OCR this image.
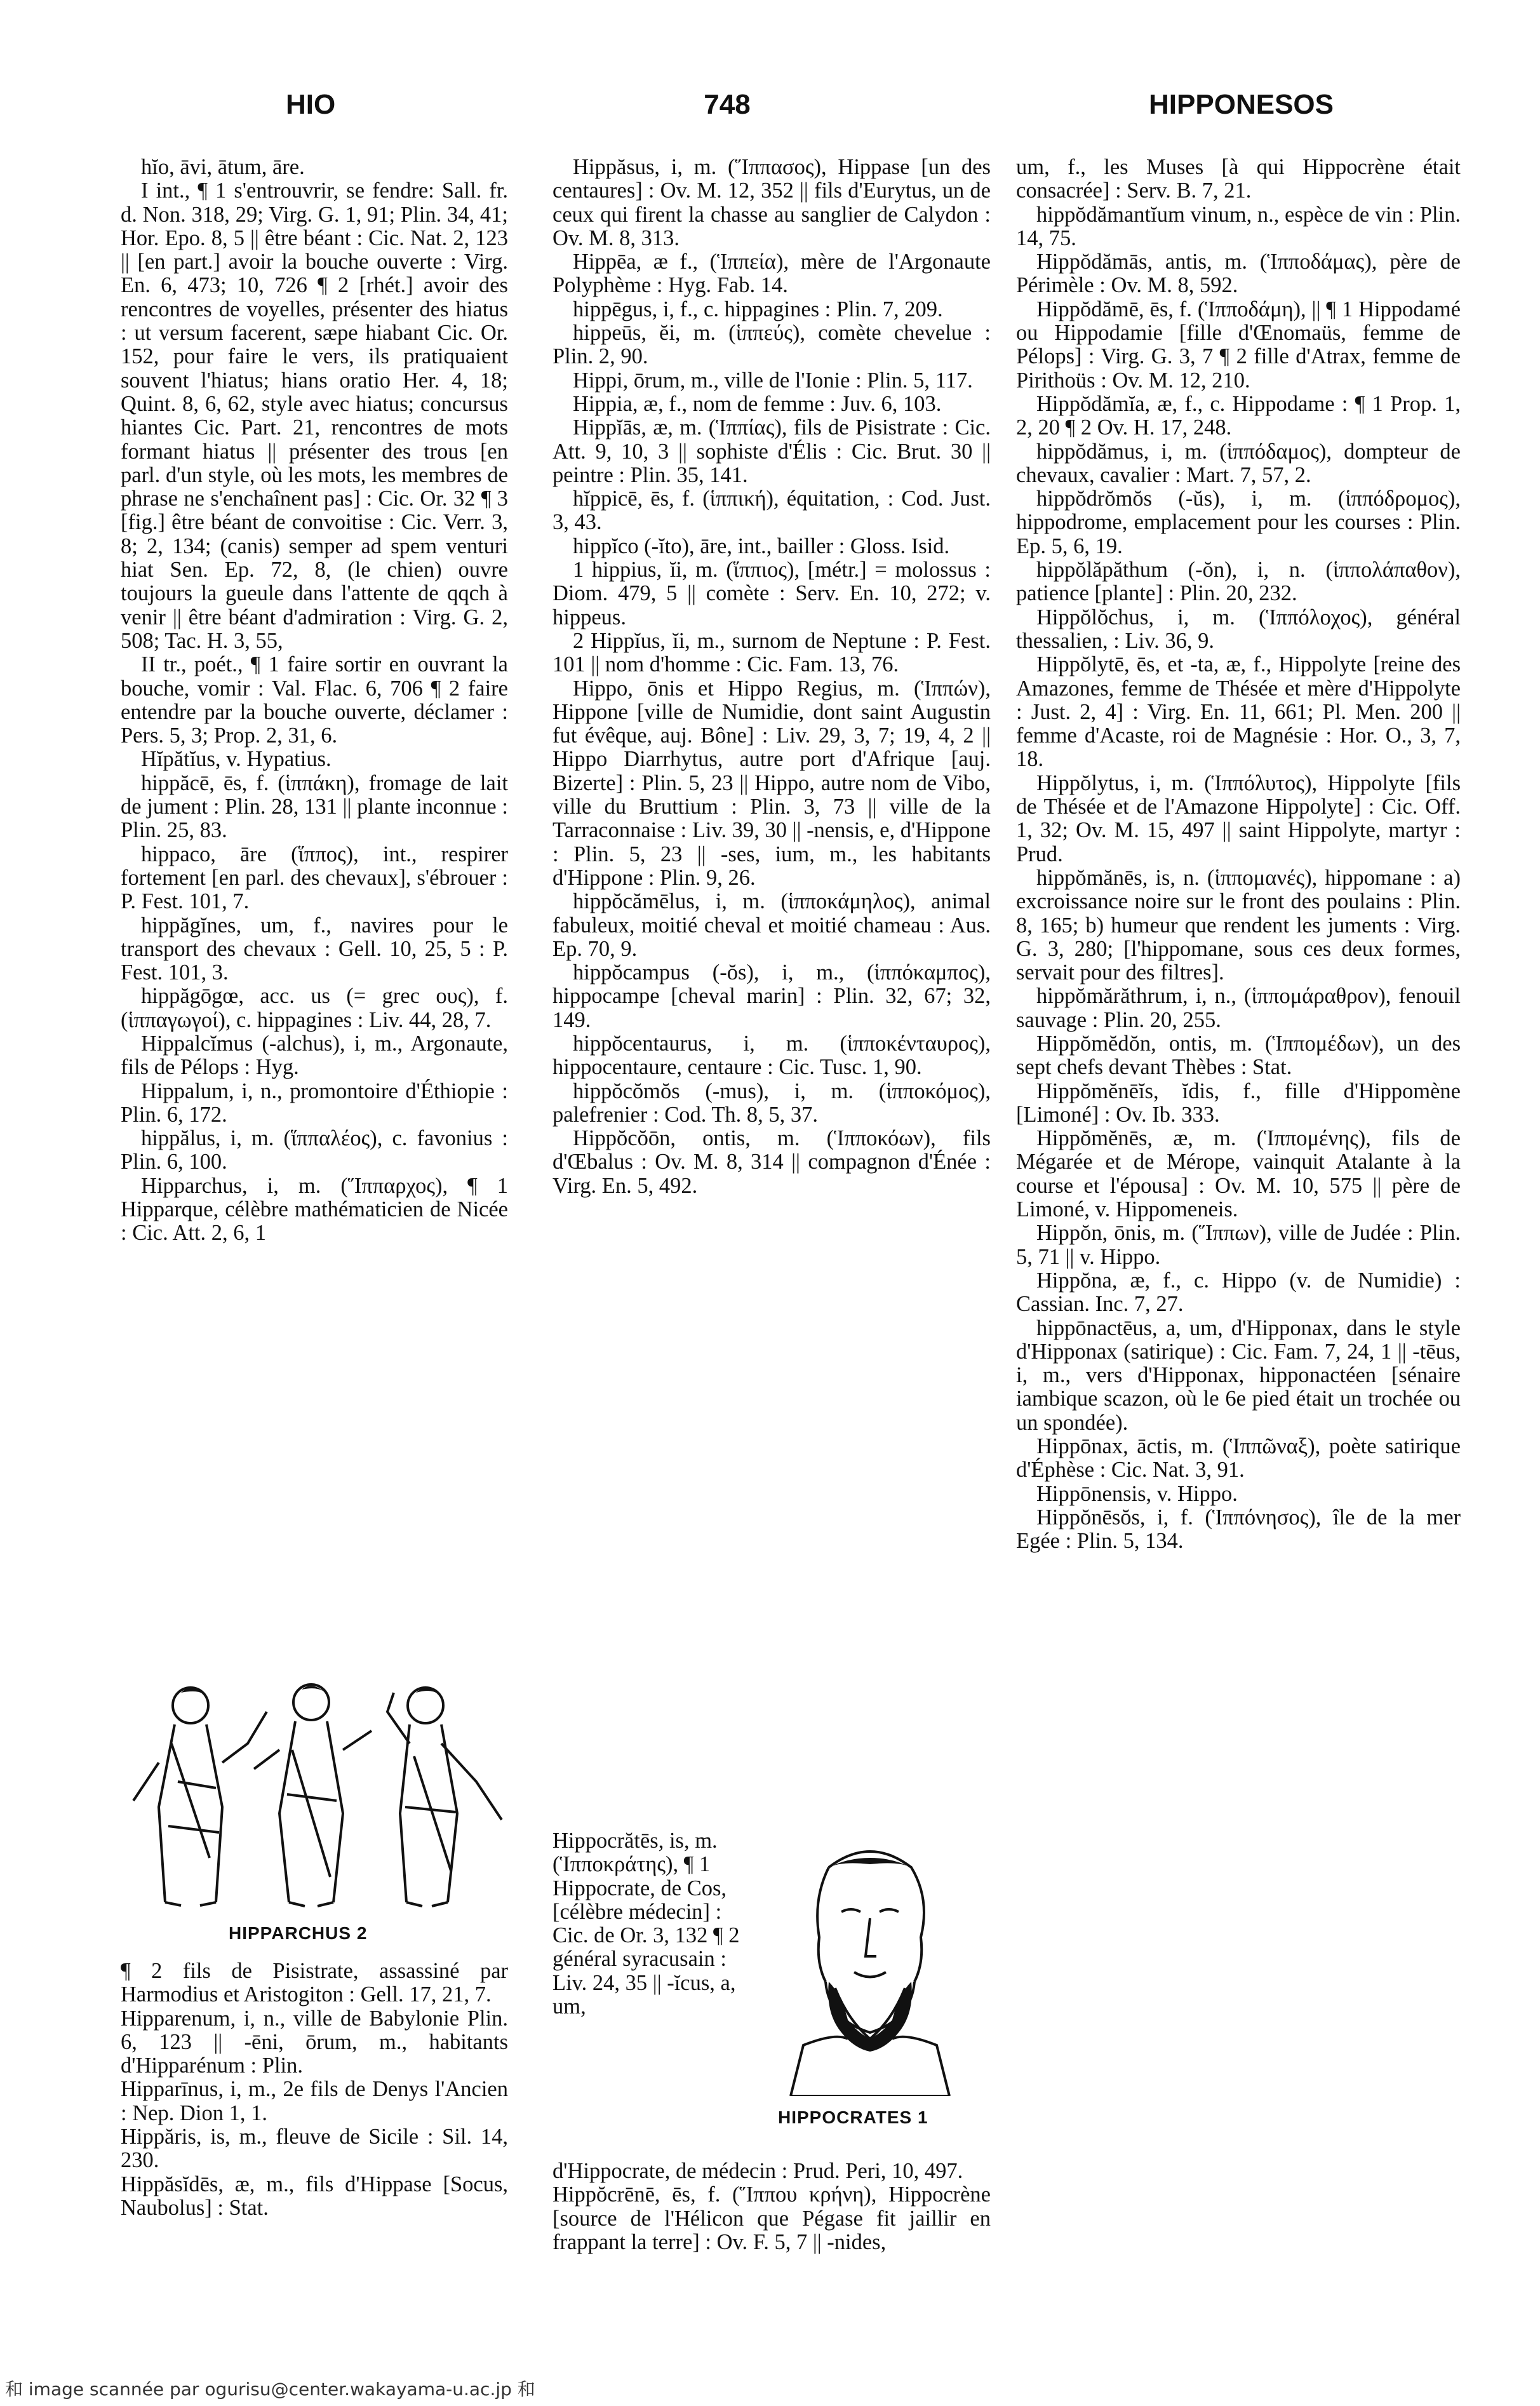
HIO	748	HIPPONESOS

hĭo, āvi, ātum, āre.

I int., ¶ 1 s'entrouvrir, se fendre: Sall. fr. d. Non. 318, 29; Virg. G. 1, 91; Plin. 34, 41; Hor. Epo. 8, 5 || être béant : Cic. Nat. 2, 123 || [en part.] avoir la bouche ouverte : Virg. En. 6, 473; 10, 726 ¶ 2 [rhét.] avoir des rencontres de voyelles, présenter des hiatus : ut versum facerent, sæpe hiabant Cic. Or. 152, pour faire le vers, ils pratiquaient souvent l'hiatus; hians oratio Her. 4, 18; Quint. 8, 6, 62, style avec hiatus; concursus hiantes Cic. Part. 21, rencontres de mots formant hiatus || présenter des trous [en parl. d'un style, où les mots, les membres de phrase ne s'enchaînent pas] : Cic. Or. 32 ¶ 3 [fig.] être béant de convoitise : Cic. Verr. 3, 8; 2, 134; (canis) semper ad spem venturi hiat Sen. Ep. 72, 8, (le chien) ouvre toujours la gueule dans l'attente de qqch à venir || être béant d'admiration : Virg. G. 2, 508; Tac. H. 3, 55,

II tr., poét., ¶ 1 faire sortir en ouvrant la bouche, vomir : Val. Flac. 6, 706 ¶ 2 faire entendre par la bouche ouverte, déclamer : Pers. 5, 3; Prop. 2, 31, 6.

Hĭpătĭus, v. Hypatius.

hippăcē, ēs, f. (ἱππάκη), fromage de lait de jument : Plin. 28, 131 || plante inconnue : Plin. 25, 83.

hippaco, āre (ἵππος), int., respirer fortement [en parl. des chevaux], s'ébrouer : P. Fest. 101, 7.

hippăgĭnes, um, f., navires pour le transport des chevaux : Gell. 10, 25, 5 : P. Fest. 101, 3.

hippăgōgœ, acc. us (= grec ους), f. (ἱππαγωγοί), c. hippagines : Liv. 44, 28, 7.

Hippalcĭmus (-alchus), i, m., Argonaute, fils de Pélops : Hyg.

Hippalum, i, n., promontoire d'Éthiopie : Plin. 6, 172.

hippălus, i, m. (ἵππαλέος), c. favonius : Plin. 6, 100.

Hipparchus, i, m. (Ἵππαρχος), ¶ 1 Hipparque, célèbre mathématicien de Nicée : Cic. Att. 2, 6, 1

HIPPARCHUS 2

¶ 2 fils de Pisistrate, assassiné par Harmodius et Aristogiton : Gell. 17, 21, 7.

Hipparenum, i, n., ville de Babylonie Plin. 6, 123 || -ēni, ōrum, m., habitants d'Hipparénum : Plin.

Hipparīnus, i, m., 2e fils de Denys l'Ancien : Nep. Dion 1, 1.

Hippăris, is, m., fleuve de Sicile : Sil. 14, 230.

Hippăsĭdēs, æ, m., fils d'Hippase [Socus, Naubolus] : Stat.

Hippăsus, i, m. (Ἵππασος), Hippase [un des centaures] : Ov. M. 12, 352 || fils d'Eurytus, un de ceux qui firent la chasse au sanglier de Calydon : Ov. M. 8, 313.

Hippēa, æ f., (Ἱππεία), mère de l'Argonaute Polyphème : Hyg. Fab. 14.

hippēgus, i, f., c. hippagines : Plin. 7, 209.

hippeūs, ĕi, m. (ἱππεύς), comète chevelue : Plin. 2, 90.

Hippi, ōrum, m., ville de l'Ionie : Plin. 5, 117.

Hippia, æ, f., nom de femme : Juv. 6, 103.

Hippĭās, æ, m. (Ἱππίας), fils de Pisistrate : Cic. Att. 9, 10, 3 || sophiste d'Élis : Cic. Brut. 30 || peintre : Plin. 35, 141.

hĭppicē, ēs, f. (ἱππική), équitation, : Cod. Just. 3, 43.

hippĭco (-ĭto), āre, int., bailler : Gloss. Isid.

1 hippius, ĭi, m. (ἵππιος), [métr.] = molossus : Diom. 479, 5 || comète : Serv. En. 10, 272; v. hippeus.

2 Hippĭus, ĭi, m., surnom de Neptune : P. Fest. 101 || nom d'homme : Cic. Fam. 13, 76.

Hippo, ōnis et Hippo Regius, m. (Ἱππών), Hippone [ville de Numidie, dont saint Augustin fut évêque, auj. Bône] : Liv. 29, 3, 7; 19, 4, 2 || Hippo Diarrhytus, autre port d'Afrique [auj. Bizerte] : Plin. 5, 23 || Hippo, autre nom de Vibo, ville du Bruttium : Plin. 3, 73 || ville de la Tarraconnaise : Liv. 39, 30 || -nensis, e, d'Hippone : Plin. 5, 23 || -ses, ium, m., les habitants d'Hippone : Plin. 9, 26.

hippŏcămēlus, i, m. (ἱπποκάμηλος), animal fabuleux, moitié cheval et moitié chameau : Aus. Ep. 70, 9.

hippŏcampus (-ŏs), i, m., (ἱππόκαμπος), hippocampe [cheval marin] : Plin. 32, 67; 32, 149.

hippŏcentaurus, i, m. (ἱπποκένταυρος), hippocentaure, centaure : Cic. Tusc. 1, 90.

hippŏcŏmŏs (-mus), i, m. (ἱπποκόμος), palefrenier : Cod. Th. 8, 5, 37.

Hippŏcŏōn, ontis, m. (Ἱπποκόων), fils d'Œbalus : Ov. M. 8, 314 || compagnon d'Énée : Virg. En. 5, 492.

Hippocrătēs, is, m. (Ἱπποκράτης), ¶ 1 Hippocrate, de Cos, [célèbre médecin] : Cic. de Or. 3, 132 ¶ 2 général syracusain : Liv. 24, 35 || -ĭcus, a, um,

HIPPOCRATES 1

d'Hippocrate, de médecin : Prud. Peri, 10, 497.

Hippŏcrēnē, ēs, f. (Ἵππου κρήνη), Hippocrène [source de l'Hélicon que Pégase fit jaillir en frappant la terre] : Ov. F. 5, 7 || -nides,

um, f., les Muses [à qui Hippocrène était consacrée] : Serv. B. 7, 21.

hippŏdămantĭum vinum, n., espèce de vin : Plin. 14, 75.

Hippŏdămās, antis, m. (Ἱπποδάμας), père de Périmèle : Ov. M. 8, 592.

Hippŏdămē, ēs, f. (Ἱπποδάμη), || ¶ 1 Hippodamé ou Hippodamie [fille d'Œnomaüs, femme de Pélops] : Virg. G. 3, 7 ¶ 2 fille d'Atrax, femme de Pirithoüs : Ov. M. 12, 210.

Hippŏdămĭa, æ, f., c. Hippodame : ¶ 1 Prop. 1, 2, 20 ¶ 2 Ov. H. 17, 248.

hippŏdămus, i, m. (ἱππόδαμος), dompteur de chevaux, cavalier : Mart. 7, 57, 2.

hippŏdrŏmŏs (-ŭs), i, m. (ἱππόδρομος), hippodrome, emplacement pour les courses : Plin. Ep. 5, 6, 19.

hippŏlăpăthum (-ŏn), i, n. (ἱππολάπαθον), patience [plante] : Plin. 20, 232.

Hippŏlŏchus, i, m. (Ἱππόλοχος), général thessalien, : Liv. 36, 9.

Hippŏlytē, ēs, et -ta, æ, f., Hippolyte [reine des Amazones, femme de Thésée et mère d'Hippolyte : Just. 2, 4] : Virg. En. 11, 661; Pl. Men. 200 || femme d'Acaste, roi de Magnésie : Hor. O., 3, 7, 18.

Hippŏlytus, i, m. (Ἱππόλυτος), Hippolyte [fils de Thésée et de l'Amazone Hippolyte] : Cic. Off. 1, 32; Ov. M. 15, 497 || saint Hippolyte, martyr : Prud.

hippŏmănēs, is, n. (ἱππομανές), hippomane : a) excroissance noire sur le front des poulains : Plin. 8, 165; b) humeur que rendent les juments : Virg. G. 3, 280; [l'hippomane, sous ces deux formes, servait pour des filtres].

hippŏmărăthrum, i, n., (ἱππομάραθρον), fenouil sauvage : Plin. 20, 255.

Hippŏmĕdŏn, ontis, m. (Ἱππομέδων), un des sept chefs devant Thèbes : Stat.

Hippŏmĕnēĭs, ĭdis, f., fille d'Hippomène [Limoné] : Ov. Ib. 333.

Hippŏmĕnēs, æ, m. (Ἱππομένης), fils de Mégarée et de Mérope, vainquit Atalante à la course et l'épousa] : Ov. M. 10, 575 || père de Limoné, v. Hippomeneis.

Hippŏn, ōnis, m. (Ἵππων), ville de Judée : Plin. 5, 71 || v. Hippo.

Hippŏna, æ, f., c. Hippo (v. de Numidie) : Cassian. Inc. 7, 27.

hippōnactēus, a, um, d'Hipponax, dans le style d'Hipponax (satirique) : Cic. Fam. 7, 24, 1 || -tēus, i, m., vers d'Hipponax, hipponactéen [sénaire iambique scazon, où le 6e pied était un trochée ou un spondée).

Hippōnax, āctis, m. (Ἱππῶναξ), poète satirique d'Éphèse : Cic. Nat. 3, 91.

Hippōnensis, v. Hippo.

Hippŏnēsŏs, i, f. (Ἱππόνησος), île de la mer Egée : Plin. 5, 134.

和 image scannée par ogurisu@center.wakayama-u.ac.jp 和
